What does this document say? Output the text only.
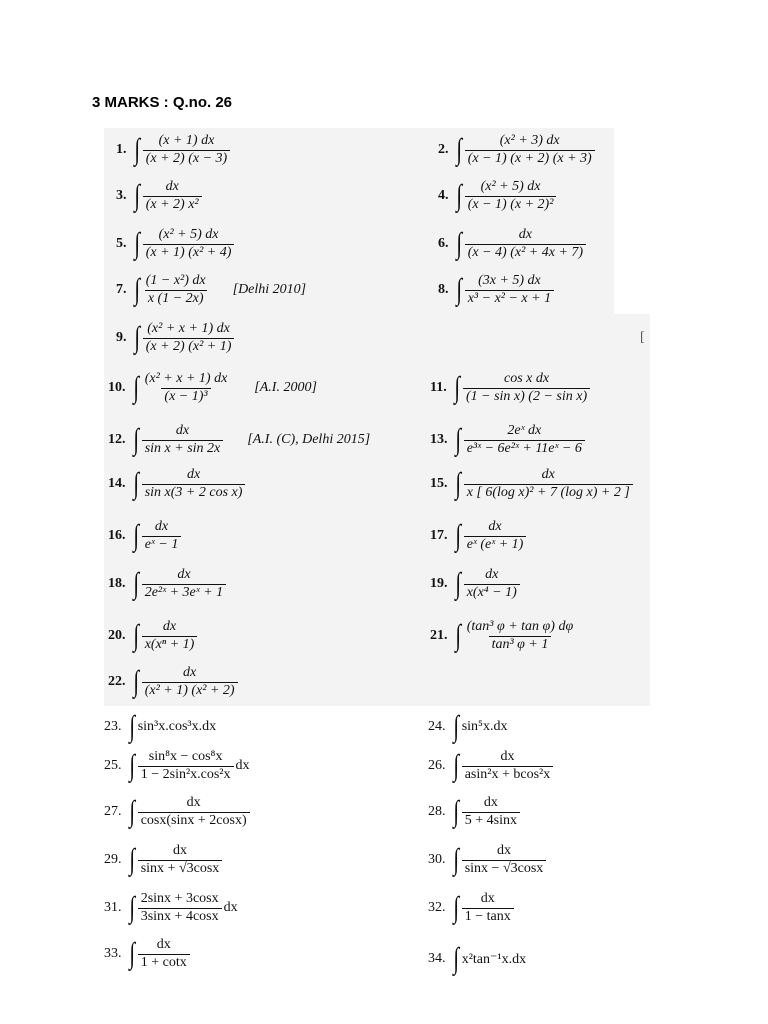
3 MARKS : Q.no. 26
[
1. ∫ $\frac{(x + 1) dx}{(x + 2) (x - 3)}$	2. ∫ $\frac{\text{(x² + 3) dx}}{(x - 1) (x + 2) (x + 3)}$
3. ∫ $\frac{dx}{\text{(x + 2) x²}}$	4. ∫ $\frac{\text{(x² + 5) dx}}{\text{(x − 1) (x + 2)²}}$
5. ∫ $\frac{\text{(x² + 5) dx}}{\text{(x + 1) (x² + 4)}}$	6. ∫ $\frac{dx}{\text{(x − 4) (x² + 4x + 7)}}$
7. ∫ $\frac{\text{(1 − x²) dx}}{x (1 - 2x)}$ [Delhi 2010]	8. ∫ $\frac{(3x + 5) dx}{\text{x³ − x² − x + 1}}$
9. ∫ $\frac{\text{(x² + x + 1) dx}}{\text{(x + 2) (x² + 1)}}$
10. ∫ $\frac{\text{(x² + x + 1) dx}}{\text{(x − 1)³}} [A.I$. 2000]	11. ∫ $\frac{\text{cos x dx}}{\text{(1 − sin x) (2 − sin x)}}$
12. ∫ $\frac{dx}{\text{sin x + sin 2x}} [A.I$. (C), Delhi 2015]	13. ∫ $\frac{\text{2eˣ dx}}{\text{e³ˣ − 6e²ˣ + 11eˣ − 6}}$
14. ∫ $\frac{dx}{\text{sin x(3 + 2 cos x)}}$	15. ∫ $\frac{dx}{\text{x [ 6(log x)² + 7 (log x) + 2 ]}}$
16. ∫ $\frac{dx}{\text{eˣ − 1}}$	17. ∫ $\frac{dx}{\text{eˣ (eˣ + 1)}}$
18. ∫ $\frac{dx}{\text{2e²ˣ + 3eˣ + 1}}$	19. ∫ $\frac{dx}{\text{x(x⁴ − 1)}}$
20. ∫ $\frac{dx}{\text{x(xⁿ + 1)}}$	21. ∫ $\frac{\text{(tan³ φ + tan φ) dφ}}{\text{tan³ φ + 1}}$
22. ∫ $\frac{dx}{\text{(x² + 1) (x² + 2)}}$
23. ∫ sin³x.cos³x.dx	24. ∫ sin⁵x.dx
25. ∫ $\frac{\text{sin⁸x − cos⁸x}}{\text{1 − 2sin²x.cos²x}}$ dx	26. ∫ $\frac{dx}{\text{asin²x + bcos²x}}$
27. ∫ $\frac{dx}{\cos x(\sin x + 2\cos x)}$	28. ∫ $\frac{dx}{5 + 4\sin x}$
29. ∫ $\frac{dx}{\sin x + √3\cos x}$	30. ∫ $\frac{dx}{\sin x - √3\cos x}$
31. ∫ $\frac{2\sin x + 3\cos x}{3\sin x + 4\cos x}$ dx	32. ∫ $\frac{dx}{1 - \tan x}$
33. ∫ $\frac{dx}{1 + \cot x}$	34. ∫ x²tan⁻¹x.dx
